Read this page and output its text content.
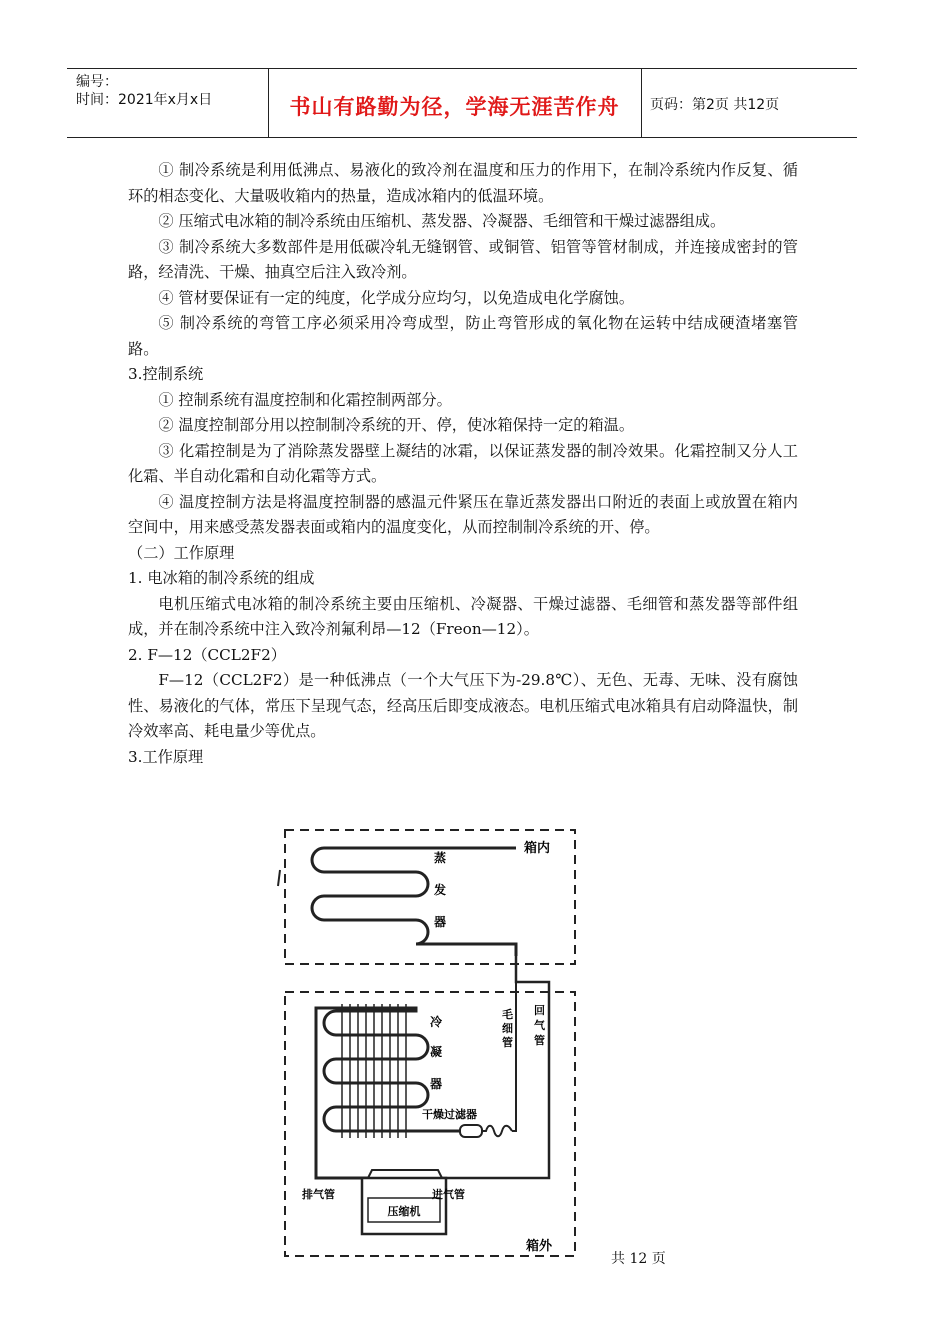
编号：
时间：2021年x月x日	书山有路勤为径，学海无涯苦作舟	页码：第2页 共12页

① 制冷系统是利用低沸点、易液化的致冷剂在温度和压力的作用下，在制冷系统内作反复、循环的相态变化、大量吸收箱内的热量，造成冰箱内的低温环境。

② 压缩式电冰箱的制冷系统由压缩机、蒸发器、冷凝器、毛细管和干燥过滤器组成。

③ 制冷系统大多数部件是用低碳冷轧无缝钢管、或铜管、铝管等管材制成，并连接成密封的管路，经清洗、干燥、抽真空后注入致冷剂。

④ 管材要保证有一定的纯度，化学成分应均匀，以免造成电化学腐蚀。

⑤ 制冷系统的弯管工序必须采用冷弯成型，防止弯管形成的氧化物在运转中结成硬渣堵塞管路。

3.控制系统

① 控制系统有温度控制和化霜控制两部分。

② 温度控制部分用以控制制冷系统的开、停，使冰箱保持一定的箱温。

③ 化霜控制是为了消除蒸发器壁上凝结的冰霜，以保证蒸发器的制冷效果。化霜控制又分人工化霜、半自动化霜和自动化霜等方式。

④ 温度控制方法是将温度控制器的感温元件紧压在靠近蒸发器出口附近的表面上或放置在箱内空间中，用来感受蒸发器表面或箱内的温度变化，从而控制制冷系统的开、停。

（二）工作原理

1. 电冰箱的制冷系统的组成

电机压缩式电冰箱的制冷系统主要由压缩机、冷凝器、干燥过滤器、毛细管和蒸发器等部件组成，并在制冷系统中注入致冷剂氟利昂—12（Freon—12）。

2. F—12（CCL2F2）

F—12（CCL2F2）是一种低沸点（一个大气压下为-29.8℃）、无色、无毒、无味、没有腐蚀性、易液化的气体，常压下呈现气态，经高压后即变成液态。电机压缩式电冰箱具有启动降温快，制冷效率高、耗电量少等优点。

3.工作原理

箱内
箱外
蒸
发
器
冷
凝
器
毛
细
管
回
气
管
干燥过滤器
排气管	进气管
压缩机
共 12 页
